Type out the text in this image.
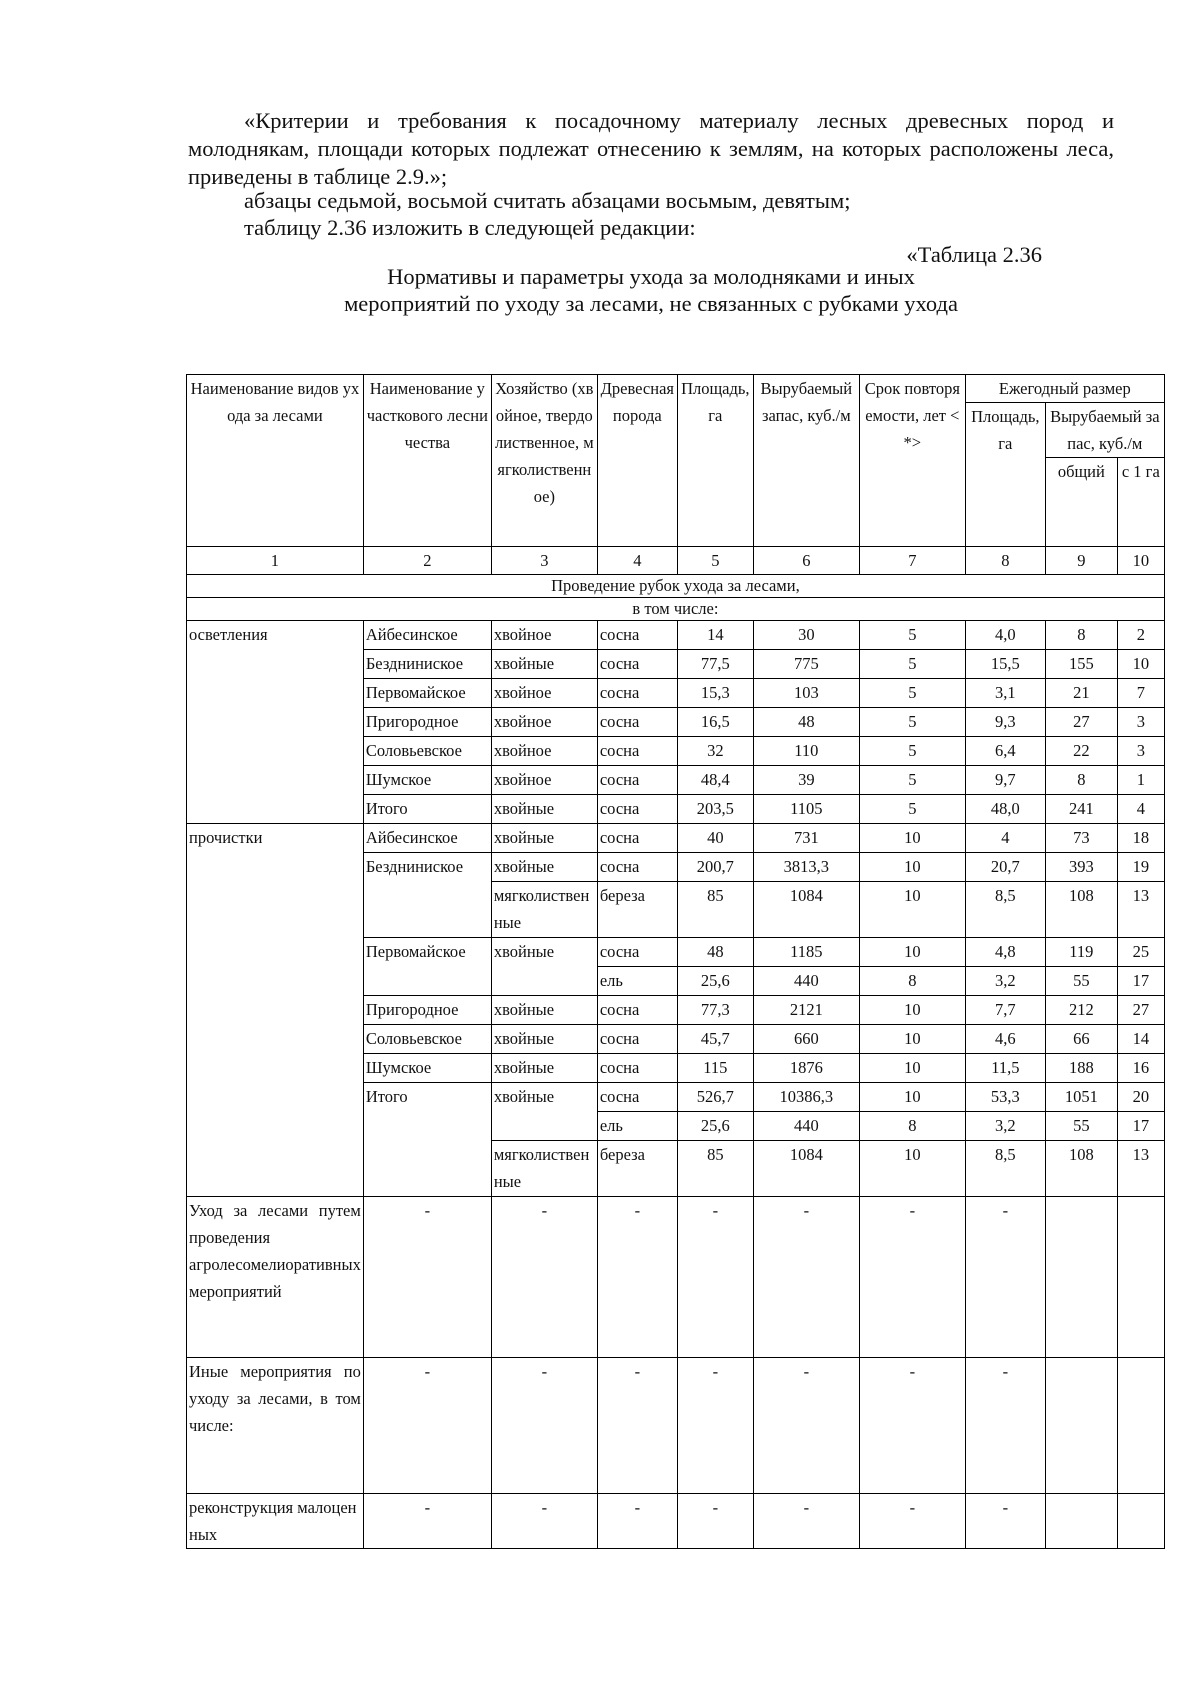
«Критерии и требования к посадочному материалу лесных древесных пород и молоднякам, площади которых подлежат отнесению к землям, на которых расположены леса, приведены в таблице 2.9.»;
абзацы седьмой, восьмой считать абзацами восьмым, девятым;
таблицу 2.36 изложить в следующей редакции:
«Таблица 2.36
Нормативы и параметры ухода за молодняками и иных
мероприятий по уходу за лесами, не связанных с рубками ухода
Наименование видов ухода за лесами	Наименование участкового лесничества	Хозяйство (хвойное, твердолиственное, мягколиственное)	Древесная порода	Площадь, га	Вырубаемый запас, куб./м	Срок повторяемости, лет <*>	Ежегодный размер		
							Площадь, га	Вырубаемый запас, куб./м	
								общий	с 1 га
1	2	3	4	5	6	7	8	9	10
Проведение рубок ухода за лесами,									
в том числе:									
осветления	Айбесинское	хвойное	сосна	14	30	5	4,0	8	2
	Бездниниское	хвойные	сосна	77,5	775	5	15,5	155	10
	Первомайское	хвойное	сосна	15,3	103	5	3,1	21	7
	Пригородное	хвойное	сосна	16,5	48	5	9,3	27	3
	Соловьевское	хвойное	сосна	32	110	5	6,4	22	3
	Шумское	хвойное	сосна	48,4	39	5	9,7	8	1
	Итого	хвойные	сосна	203,5	1105	5	48,0	241	4
прочистки	Айбесинское	хвойные	сосна	40	731	10	4	73	18
	Бездниниское	хвойные	сосна	200,7	3813,3	10	20,7	393	19
		мягколиственные	береза	85	1084	10	8,5	108	13
	Первомайское	хвойные	сосна	48	1185	10	4,8	119	25
			ель	25,6	440	8	3,2	55	17
	Пригородное	хвойные	сосна	77,3	2121	10	7,7	212	27
	Соловьевское	хвойные	сосна	45,7	660	10	4,6	66	14
	Шумское	хвойные	сосна	115	1876	10	11,5	188	16
	Итого	хвойные	сосна	526,7	10386,3	10	53,3	1051	20
			ель	25,6	440	8	3,2	55	17
		мягколиственные	береза	85	1084	10	8,5	108	13
Уход за лесами путем проведения агролесомелиоративных мероприятий	-	-	-	-	-	-	-		
Иные мероприятия по уходу за лесами, в том числе:	-	-	-	-	-	-	-		
реконструкция малоценных	-	-	-	-	-	-	-		
